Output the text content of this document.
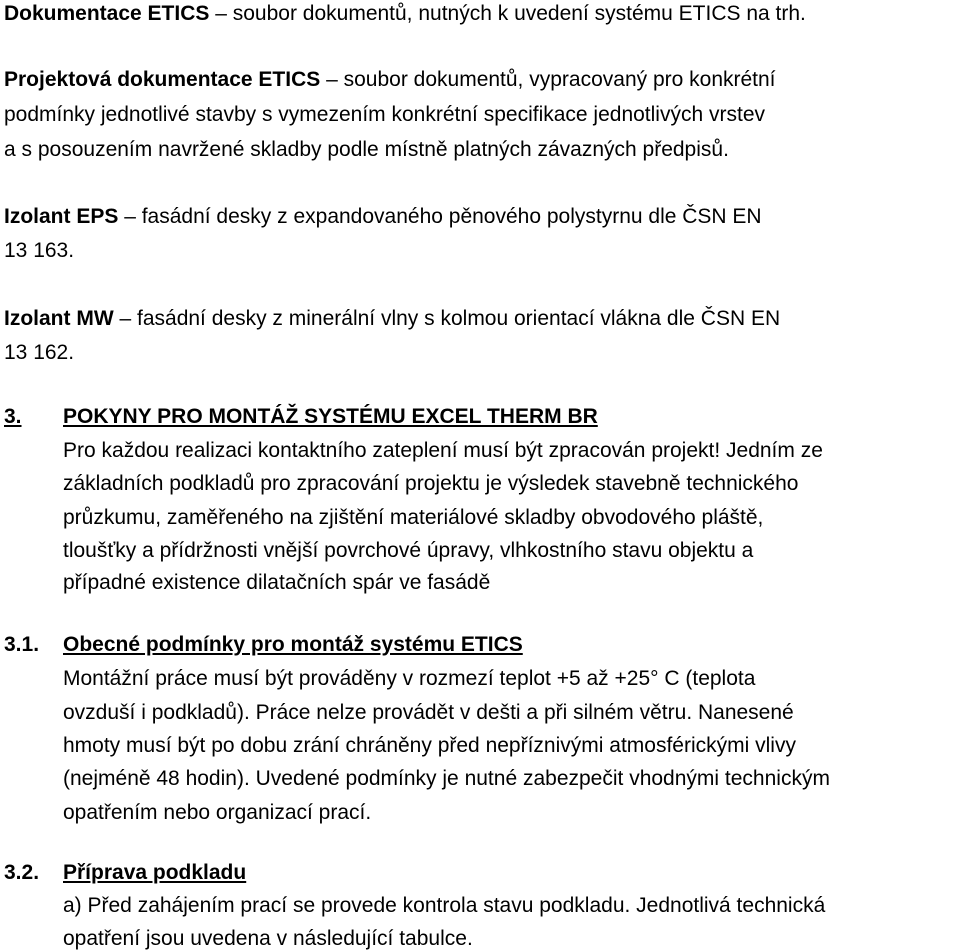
Dokumentace ETICS – soubor dokumentů, nutných k uvedení systému ETICS na trh.
Projektová dokumentace ETICS – soubor dokumentů, vypracovaný pro konkrétní
podmínky jednotlivé stavby s vymezením konkrétní specifikace jednotlivých vrstev
a s posouzením navržené skladby podle místně platných závazných předpisů.
Izolant EPS – fasádní desky z expandovaného pěnového polystyrnu dle ČSN EN
13 163.
Izolant MW – fasádní desky z minerální vlny s kolmou orientací vlákna dle ČSN EN
13 162.
3. POKYNY PRO MONTÁŽ SYSTÉMU EXCEL THERM BR
Pro každou realizaci kontaktního zateplení musí být zpracován projekt! Jedním ze
základních podkladů pro zpracování projektu je výsledek stavebně technického
průzkumu, zaměřeného na zjištění materiálové skladby obvodového pláště,
tloušťky a přídržnosti vnější povrchové úpravy, vlhkostního stavu objektu a
případné existence dilatačních spár ve fasádě
3.1. Obecné podmínky pro montáž systému ETICS
Montážní práce musí být prováděny v rozmezí teplot +5 až +25° C (teplota
ovzduší i podkladů). Práce nelze provádět v dešti a při silném větru. Nanesené
hmoty musí být po dobu zrání chráněny před nepříznivými atmosférickými vlivy
(nejméně 48 hodin). Uvedené podmínky je nutné zabezpečit vhodnými technickým
opatřením nebo organizací prací.
3.2. Příprava podkladu
a) Před zahájením prací se provede kontrola stavu podkladu. Jednotlivá technická
opatření jsou uvedena v následující tabulce.
